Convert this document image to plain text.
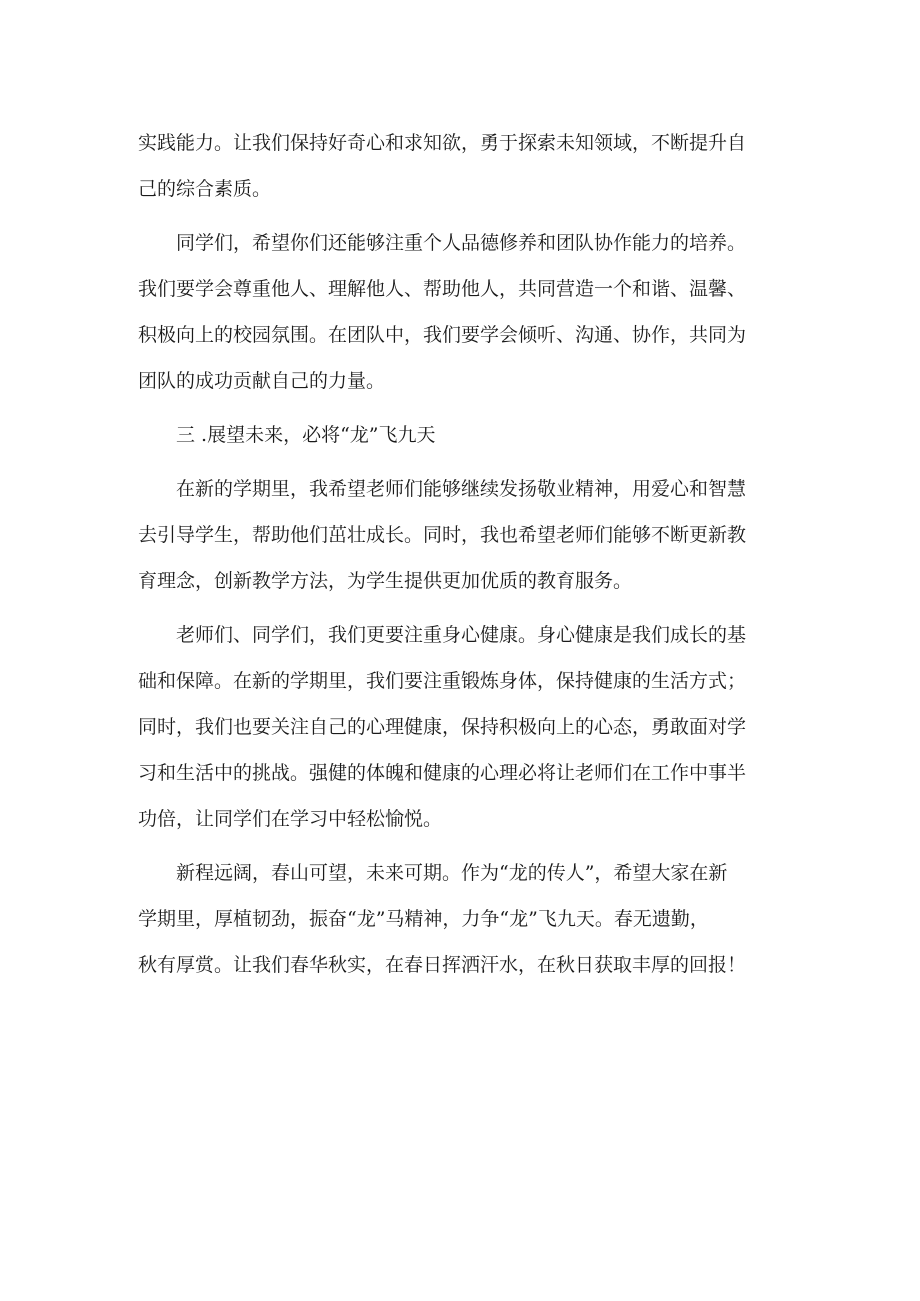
实践能力。让我们保持好奇心和求知欲，勇于探索未知领域，不断提升自
己的综合素质。
同学们，希望你们还能够注重个人品德修养和团队协作能力的培养。
我们要学会尊重他人、理解他人、帮助他人，共同营造一个和谐、温馨、
积极向上的校园氛围。在团队中，我们要学会倾听、沟通、协作，共同为
团队的成功贡献自己的力量。
三 .展望未来，必将“龙”飞九天
在新的学期里，我希望老师们能够继续发扬敬业精神，用爱心和智慧
去引导学生，帮助他们茁壮成长。同时，我也希望老师们能够不断更新教
育理念，创新教学方法，为学生提供更加优质的教育服务。
老师们、同学们，我们更要注重身心健康。身心健康是我们成长的基
础和保障。在新的学期里，我们要注重锻炼身体，保持健康的生活方式；
同时，我们也要关注自己的心理健康，保持积极向上的心态，勇敢面对学
习和生活中的挑战。强健的体魄和健康的心理必将让老师们在工作中事半
功倍，让同学们在学习中轻松愉悦。
新程远阔，春山可望，未来可期。作为“龙的传人”，希望大家在新
学期里，厚植韧劲，振奋“龙”马精神，力争“龙”飞九天。春无遗勤，
秋有厚赏。让我们春华秋实，在春日挥洒汗水，在秋日获取丰厚的回报！
